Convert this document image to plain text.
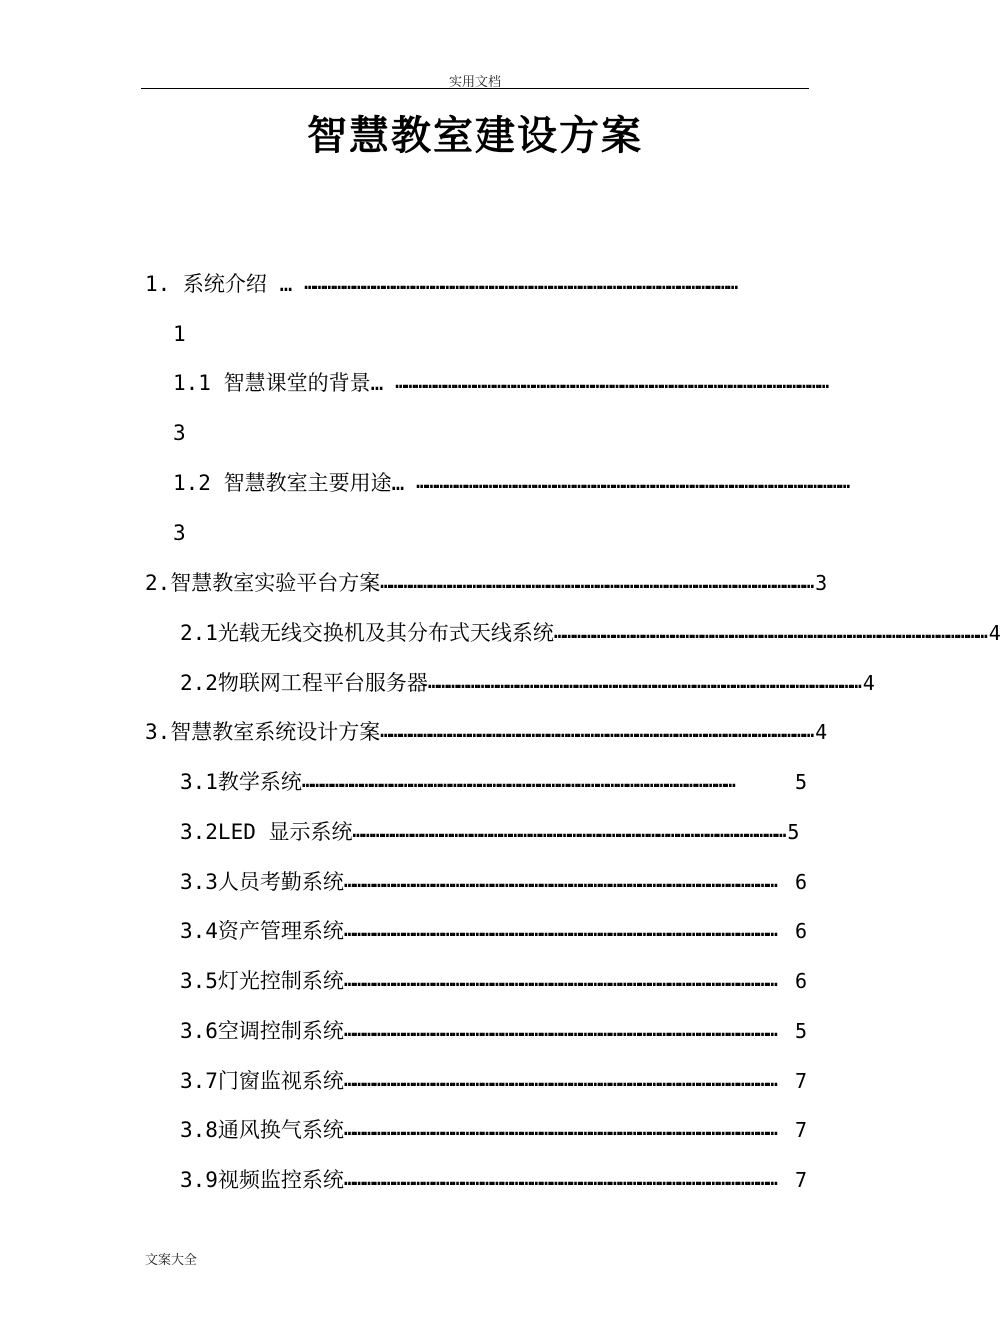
实用文档
智慧教室建设方案
1. 系统介绍 … ……………………………………………………………………………………………………………………
1
1.1 智慧课堂的背景… ……………………………………………………………………………………………………………………
3
1.2 智慧教室主要用途… ……………………………………………………………………………………………………………………
3
2.智慧教室实验平台方案 …………………………………………………………………………………………………………………… 3
2.1光载无线交换机及其分布式天线系统 …………………………………………………………………………………………………………………… 4
2.2物联网工程平台服务器 …………………………………………………………………………………………………………………… 4
3.智慧教室系统设计方案 …………………………………………………………………………………………………………………… 4
3.1教学系统 ……………………………………………………………………………………………………………………	5
3.2LED 显示系统 …………………………………………………………………………………………………………………… 5
3.3人员考勤系统 …………………………………………………………………………………………………………………… 6
3.4资产管理系统 …………………………………………………………………………………………………………………… 6
3.5灯光控制系统 …………………………………………………………………………………………………………………… 6
3.6空调控制系统 …………………………………………………………………………………………………………………… 5
3.7门窗监视系统 …………………………………………………………………………………………………………………… 7
3.8通风换气系统 …………………………………………………………………………………………………………………… 7
3.9视频监控系统 …………………………………………………………………………………………………………………… 7
文案大全
